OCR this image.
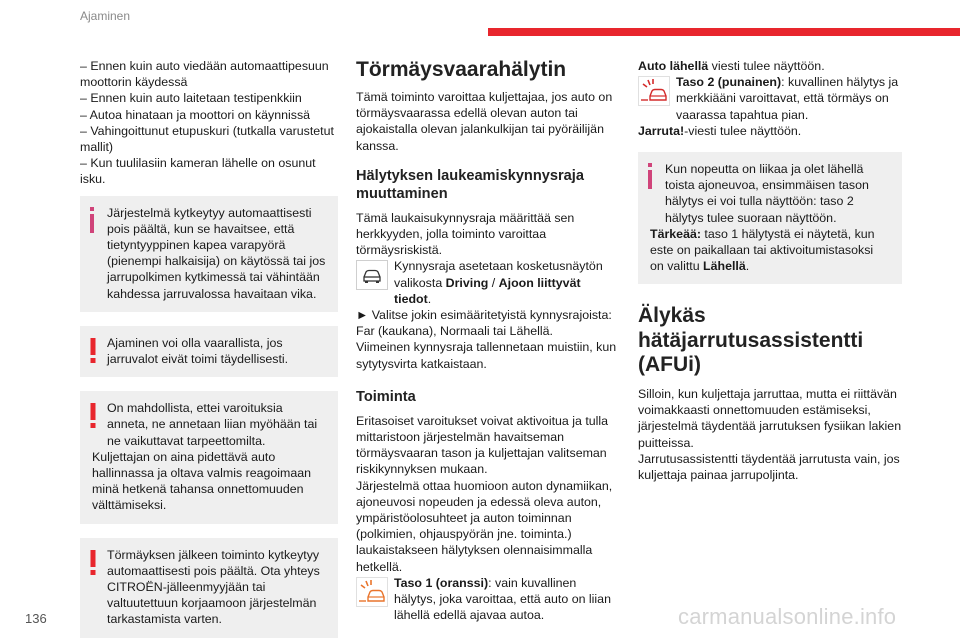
Ajaminen
– Ennen kuin auto viedään automaattipesuun moottorin käydessä
– Ennen kuin auto laitetaan testipenkkiin
– Autoa hinataan ja moottori on käynnissä
– Vahingoittunut etupuskuri (tutkalla varustetut mallit)
– Kun tuulilasiin kameran lähelle on osunut isku.

Järjestelmä kytkeytyy automaattisesti pois päältä, kun se havaitsee, että tietyntyyppinen kapea varapyörä (pienempi halkaisija) on käytössä tai jos jarrupolkimen kytkimessä tai vähintään kahdessa jarruvalossa havaitaan vika.

Ajaminen voi olla vaarallista, jos jarruvalot eivät toimi täydellisesti.

On mahdollista, ettei varoituksia anneta, ne annetaan liian myöhään tai ne vaikuttavat tarpeettomilta.

Kuljettajan on aina pidettävä auto hallinnassa ja oltava valmis reagoimaan minä hetkenä tahansa onnettomuuden välttämiseksi.

Törmäyksen jälkeen toiminto kytkeytyy automaattisesti pois päältä. Ota yhteys CITROËN-jälleenmyyjään tai valtuutettuun korjaamoon järjestelmän tarkastamista varten.

Törmäysvaarahälytin

Tämä toiminto varoittaa kuljettajaa, jos auto on törmäysvaarassa edellä olevan auton tai ajokaistalla olevan jalankulkijan tai pyöräilijän kanssa.

Hälytyksen laukeamiskynnysraja muuttaminen

Tämä laukaisukynnysraja määrittää sen herkkyyden, jolla toiminto varoittaa törmäysriskistä.

Kynnysraja asetetaan kosketusnäytön valikosta Driving / Ajoon liittyvät tiedot.

► Valitse jokin esimääritetyistä kynnysrajoista: Far (kaukana), Normaali tai Lähellä.

Viimeinen kynnysraja tallennetaan muistiin, kun sytytysvirta katkaistaan.

Toiminta

Eritasoiset varoitukset voivat aktivoitua ja tulla mittaristoon järjestelmän havaitseman törmäysvaaran tason ja kuljettajan valitseman riskikynnyksen mukaan.

Järjestelmä ottaa huomioon auton dynamiikan, ajoneuvosi nopeuden ja edessä oleva auton, ympäristöolosuhteet ja auton toiminnan (polkimien, ohjauspyörän jne. toiminta.) laukaistakseen hälytyksen olennaisimmalla hetkellä.

Taso 1 (oranssi): vain kuvallinen hälytys, joka varoittaa, että auto on liian lähellä edellä ajavaa autoa.

Auto lähellä viesti tulee näyttöön.

Taso 2 (punainen): kuvallinen hälytys ja merkkiääni varoittavat, että törmäys on vaarassa tapahtua pian.

Jarruta!-viesti tulee näyttöön.

Kun nopeutta on liikaa ja olet lähellä toista ajoneuvoa, ensimmäisen tason hälytys ei voi tulla näyttöön: taso 2 hälytys tulee suoraan näyttöön.

Tärkeää: taso 1 hälytystä ei näytetä, kun este on paikallaan tai aktivoitumistasoksi on valittu Lähellä.

Älykäs hätäjarrutusassistentti (AFUi)

Silloin, kun kuljettaja jarruttaa, mutta ei riittävän voimakkaasti onnettomuuden estämiseksi, järjestelmä täydentää jarrutuksen fysiikan lakien puitteissa.

Jarrutusassistentti täydentää jarrutusta vain, jos kuljettaja painaa jarrupoljinta.

136	carmanualsonline.info
